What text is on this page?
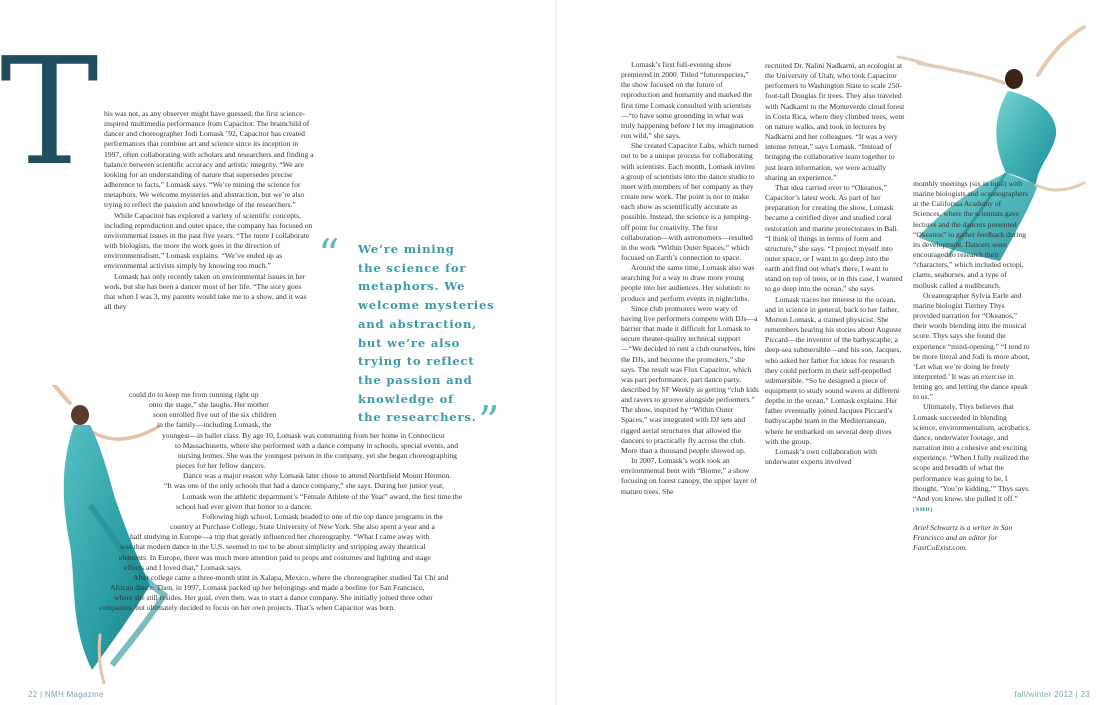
T his was not, as any observer might have guessed, the first science-inspired multimedia performance from Capacitor. The brainchild of dancer and choreographer Jodi Lomask ’92, Capacitor has created performances that combine art and science since its inception in 1997, often collaborating with scholars and researchers and finding a balance between scientific accuracy and artistic integrity. “We are looking for an understanding of nature that supersedes precise adherence to facts,” Lomask says. “We’re mining the science for metaphors. We welcome mysteries and abstraction, but we’re also trying to reflect the passion and knowledge of the researchers.”

While Capacitor has explored a variety of scientific concepts, including reproduction and outer space, the company has focused on environmental issues in the past five years. “The more I collaborate with biologists, the more the work goes in the direction of environmentalism,” Lomask explains. “We’ve ended up as environmental activists simply by knowing too much.”

Lomask has only recently taken on environmental issues in her work, but she has been a dancer most of her life. “The story goes that when I was 3, my parents would take me to a show, and it was all they

“ We’re mining
the science for
metaphors. We
welcome mysteries
and abstraction,
but we’re also
trying to reflect
the passion and
knowledge of
the researchers. ”
could do to keep me from running right up
onto the stage,” she laughs. Her mother
soon enrolled five out of the six children
in the family—including Lomask, the
youngest—in ballet class. By age 10, Lomask was commuting from her home in Connecticut
to Massachusetts, where she performed with a dance company in schools, special events, and
nursing homes. She was the youngest person in the company, yet she began choreographing
pieces for her fellow dancers.
Dance was a major reason why Lomask later chose to attend Northfield Mount Hermon.
“It was one of the only schools that had a dance company,” she says. During her junior year,
Lomask won the athletic department’s “Female Athlete of the Year” award, the first time the
school had ever given that honor to a dancer.
Following high school, Lomask headed to one of the top dance programs in the
country at Purchase College, State University of New York. She also spent a year and a
half studying in Europe—a trip that greatly influenced her choreography. “What I came away with
was that modern dance in the U.S. seemed to me to be about simplicity and stripping away theatrical
elements. In Europe, there was much more attention paid to props and costumes and lighting and stage
effects and I loved that,” Lomask says.
After college came a three-month stint in Xalapa, Mexico, where the choreographer studied Tai Chi and
African dance. Then, in 1997, Lomask packed up her belongings and made a beeline for San Francisco,
where she still resides. Her goal, even then, was to start a dance company. She initially joined three other
companies, but ultimately decided to focus on her own projects. That’s when Capacitor was born.

Lomask’s first full-evening show premiered in 2000. Titled “futurespecies,” the show focused on the future of reproduction and humanity and marked the first time Lomask consulted with scientists—“to have some grounding in what was truly happening before I let my imagination run wild,” she says.

She created Capacitor Labs, which turned out to be a unique process for collaborating with scientists. Each month, Lomask invites a group of scientists into the dance studio to meet with members of her company as they create new work. The point is not to make each show as scientifically accurate as possible. Instead, the science is a jumping-off point for creativity. The first collaboration—with astronomers—resulted in the work “Within Outer Spaces,” which focused on Earth’s connection to space.

Around the same time, Lomask also was searching for a way to draw more young people into her audiences. Her solution: to produce and perform events in nightclubs.

Since club promoters were wary of having live performers compete with DJs—a barrier that made it difficult for Lomask to secure theater-quality technical support—“We decided to rent a club ourselves, hire the DJs, and become the promoters,” she says. The result was Flux Capacitor, which was part performance, part dance party, described by SF Weekly as getting “club kids and ravers to groove alongside performers.” The show, inspired by “Within Outer Spaces,” was integrated with DJ sets and rigged aerial structures that allowed the dancers to practically fly across the club. More than a thousand people showed up.

In 2007, Lomask’s work took an environmental bent with “Biome,” a show focusing on forest canopy, the upper layer of mature trees. She

recruited Dr. Nalini Nadkarni, an ecologist at the University of Utah, who took Capacitor performers to Washington State to scale 250-foot-tall Douglas fir trees. They also traveled with Nadkarni to the Monteverde cloud forest in Costa Rica, where they climbed trees, went on nature walks, and took in lectures by Nadkarni and her colleagues. “It was a very intense retreat,” says Lomask. “Instead of bringing the collaborative team together to just learn information, we were actually sharing an experience.”

That idea carried over to “Okeanos,” Capacitor’s latest work. As part of her preparation for creating the show, Lomask became a certified diver and studied coral restoration and marine protectorates in Bali. “I think of things in terms of form and structure,” she says. “I project myself into outer space, or I want to go deep into the earth and find out what’s there, I want to stand on top of trees, or in this case, I wanted to go deep into the ocean,” she says.

Lomask traces her interest in the ocean, and in science in general, back to her father, Morton Lomask, a trained physicist. She remembers hearing his stories about Auguste Piccard—the inventor of the bathyscaphe, a deep-sea submersible—and his son, Jacques, who asked her father for ideas for research they could perform in their self-propelled submersible. “So he designed a piece of equipment to study sound waves at different depths in the ocean,” Lomask explains. Her father eventually joined Jacques Piccard’s bathyscaphe team in the Mediterranean, where he embarked on several deep dives with the group.

Lomask’s own collaboration with underwater experts involved

monthly meetings (six in total) with marine biologists and oceanographers at the California Academy of Sciences, where the scientists gave lectures and the dancers presented “Okeanos” to gather feedback during its development. Dancers were encouraged to research their “characters,” which included octopi, clams, seahorses, and a type of mollusk called a nudibranch.

Oceanographer Sylvia Earle and marine biologist Tierney Thys provided narration for “Okeanos,” their words blending into the musical score. Thys says she found the experience “mind-opening.” “I tend to be more literal and Jodi is more about, ‘Let what we’re doing be freely interpreted.’ It was an exercise in letting go, and letting the dance speak to us.”

Ultimately, Thys believes that Lomask succeeded in blending science, environmentalism, acrobatics, dance, underwater footage, and narration into a cohesive and exciting experience. “When I fully realized the scope and breadth of what the performance was going to be, I thought, ‘You’re kidding,’” Thys says. “And you know, she pulled it off.” [NMH]

Ariel Schwartz is a writer in San Francisco and an editor for FastCoExist.com.

22 | NMH Magazine	fall/winter 2012 | 23
